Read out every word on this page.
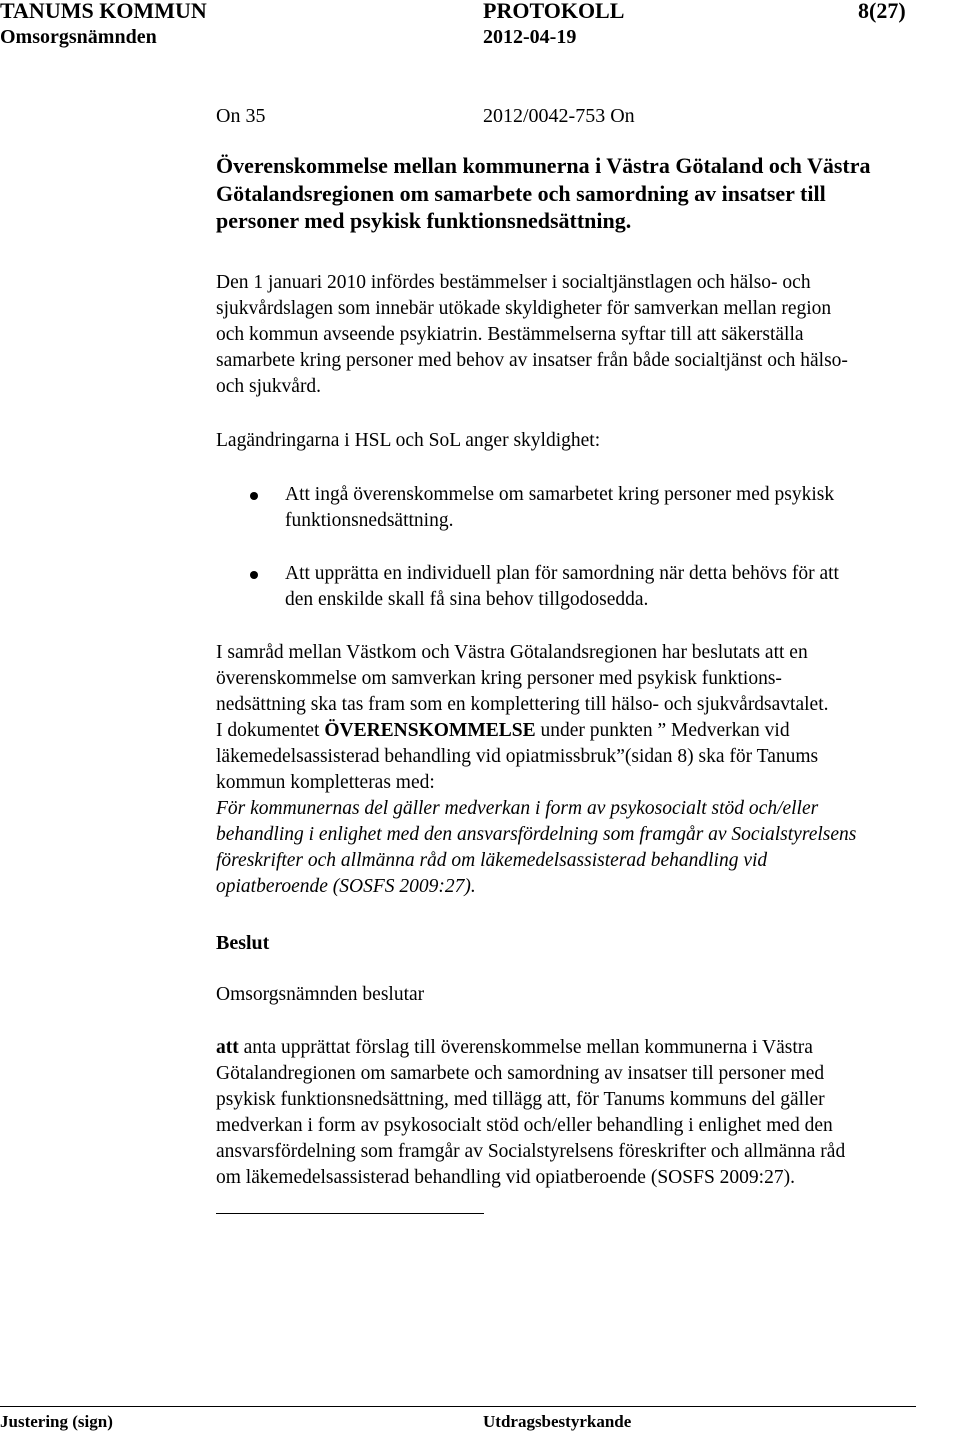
TANUMS KOMMUN	PROTOKOLL	8(27)
Omsorgsnämnden	2012-04-19
On 35	2012/0042-753 On
Överenskommelse mellan kommunerna i Västra Götaland och Västra
Götalandsregionen om samarbete och samordning av insatser till
personer med psykisk funktionsnedsättning.
Den 1 januari 2010 infördes bestämmelser i socialtjänstlagen och hälso- och
sjukvårdslagen som innebär utökade skyldigheter för samverkan mellan region
och kommun avseende psykiatrin. Bestämmelserna syftar till att säkerställa
samarbete kring personer med behov av insatser från både socialtjänst och hälso-
och sjukvård.
Lagändringarna i HSL och SoL anger skyldighet:
Att ingå överenskommelse om samarbetet kring personer med psykisk
funktionsnedsättning.
Att upprätta en individuell plan för samordning när detta behövs för att
den enskilde skall få sina behov tillgodosedda.
I samråd mellan Västkom och Västra Götalandsregionen har beslutats att en
överenskommelse om samverkan kring personer med psykisk funktions-
nedsättning ska tas fram som en komplettering till hälso- och sjukvårdsavtalet.
I dokumentet ÖVERENSKOMMELSE under punkten ” Medverkan vid
läkemedelsassisterad behandling vid opiatmissbruk”(sidan 8) ska för Tanums
kommun kompletteras med:
För kommunernas del gäller medverkan i form av psykosocialt stöd och/eller
behandling i enlighet med den ansvarsfördelning som framgår av Socialstyrelsens
föreskrifter och allmänna råd om läkemedelsassisterad behandling vid
opiatberoende (SOSFS 2009:27).
Beslut
Omsorgsnämnden beslutar
att anta upprättat förslag till överenskommelse mellan kommunerna i Västra
Götalandregionen om samarbete och samordning av insatser till personer med
psykisk funktionsnedsättning, med tillägg att, för Tanums kommuns del gäller
medverkan i form av psykosocialt stöd och/eller behandling i enlighet med den
ansvarsfördelning som framgår av Socialstyrelsens föreskrifter och allmänna råd
om läkemedelsassisterad behandling vid opiatberoende (SOSFS 2009:27).
Justering (sign)	Utdragsbestyrkande
